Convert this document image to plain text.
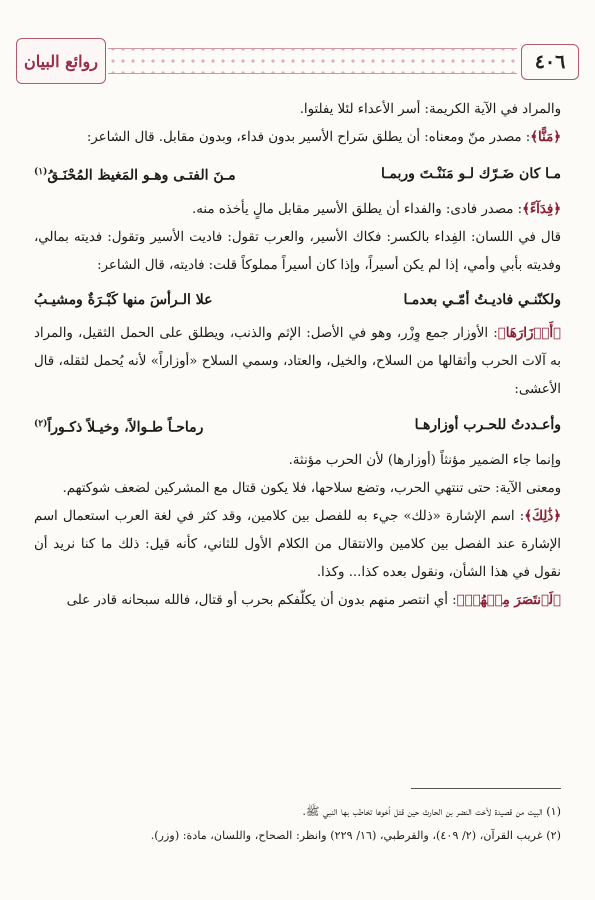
روائع البيان	٤٠٦

والمراد في الآية الكريمة: أسر الأعداء لئلا يفلتوا.

﴿مَنًّا﴾: مصدر منّ ومعناه: أن يطلق سَراح الأسير بدون فداء، وبدون مقابل. قال الشاعر:

مـا كان ضَـرّك لـو مَنَنْـتَ وربمـا
مـنَ الفتـى وهـو المَغيظ المُحْنَـقُ$^{(١)}$

﴿فِدَآءً﴾: مصدر فادى: والفداء أن يطلق الأسير مقابل مالٍ يأخذه منه.

قال في اللسان: الفِداء بالكسر: فكاك الأسير، والعرب تقول: فاديت الأسير وتقول: فديته بمالي، وفديته بأبي وأمي، إذا لم يكن أسيراً، وإذا كان أسيراً مملوكاً قلت: فاديته، قال الشاعر:

ولكنّنـي فاديـتُ أمّـي بعدمـا
علا الـرأسَ منها كَبْـرَةٌ ومشيـبُ

﴿أَوۡزَارَهَا﴾: الأوزار جمع وِزْر، وهو في الأصل: الإثم والذنب، ويطلق على الحمل الثقيل، والمراد به آلات الحرب وأثقالها من السلاح، والخيل، والعتاد، وسمي السلاح «أوزاراً» لأنه يُحمل لثقله، قال الأعشى:

وأعـددتُ للحـرب أوزارهـا
رماحـاً طـوالاً، وخيـلاً ذكـوراً$^{(٢)}$

وإنما جاء الضمير مؤنثاً (أوزارها) لأن الحرب مؤنثة.

ومعنى الآية: حتى تنتهي الحرب، وتضع سلاحها، فلا يكون قتال مع المشركين لضعف شوكتهم.

﴿ذَٰلِكَ﴾: اسم الإشارة «ذلك» جيء به للفصل بين كلامين، وقد كثر في لغة العرب استعمال اسم الإشارة عند الفصل بين كلامين والانتقال من الكلام الأول للثاني، كأنه قيل: ذلك ما كنا نريد أن نقول في هذا الشأن، ونقول بعده كذا... وكذا.

﴿لَٱنتَصَرَ مِنۡهُمۡ﴾: أي انتصر منهم بدون أن يكلّفكم بحرب أو قتال، فالله سبحانه قادر على

(١) البيت من قصيدة لأخت النضر بن الحارث حين قتل أخوها تخاطب بها النبي ﷺ.

(٢) غريب القرآن، (٢/ ٤٠٩)، والقرطبي، (١٦/ ٢٢٩) وانظر: الصحاح، واللسان، مادة: (وزر).
